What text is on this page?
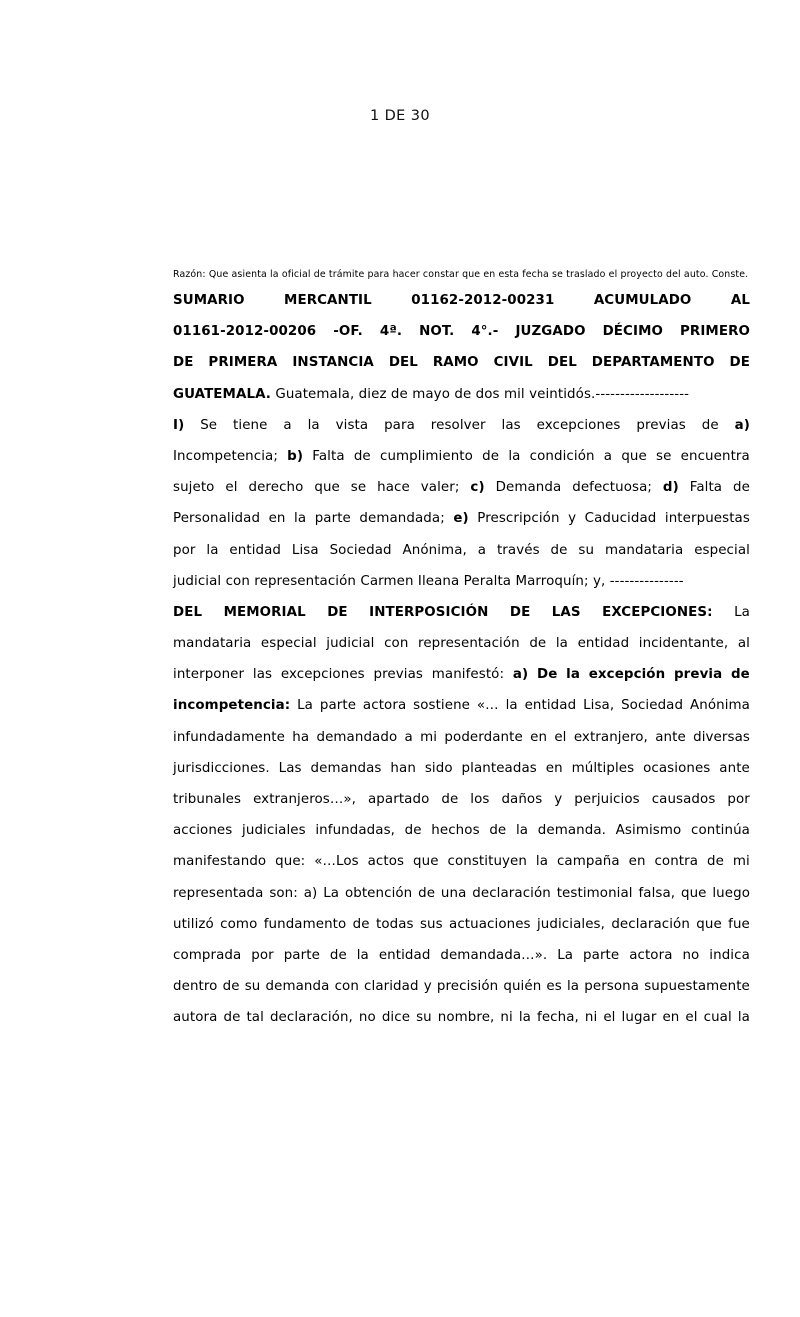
1 DE 30
Razón: Que asienta la oficial de trámite para hacer constar que en esta fecha se traslado el proyecto del auto. Conste.
SUMARIO	MERCANTIL	01162-2012-00231	ACUMULADO	AL
01161-2012-00206 -OF. 4ª. NOT. 4°.- JUZGADO DÉCIMO PRIMERO
DE PRIMERA INSTANCIA DEL RAMO CIVIL DEL DEPARTAMENTO DE
GUATEMALA. Guatemala, diez de mayo de dos mil veintidós.-------------------
I) Se tiene a la vista para resolver las excepciones previas de a)
Incompetencia; b) Falta de cumplimiento de la condición a que se encuentra
sujeto el derecho que se hace valer; c) Demanda defectuosa; d) Falta de
Personalidad en la parte demandada; e) Prescripción y Caducidad interpuestas
por la entidad Lisa Sociedad Anónima, a través de su mandataria especial
judicial con representación Carmen Ileana Peralta Marroquín; y, ---------------
DEL MEMORIAL DE INTERPOSICIÓN DE LAS EXCEPCIONES: La
mandataria especial judicial con representación de la entidad incidentante, al
interponer las excepciones previas manifestó: a) De la excepción previa de
incompetencia: La parte actora sostiene «… la entidad Lisa, Sociedad Anónima
infundadamente ha demandado a mi poderdante en el extranjero, ante diversas
jurisdicciones. Las demandas han sido planteadas en múltiples ocasiones ante
tribunales extranjeros…», apartado de los daños y perjuicios causados por
acciones judiciales infundadas, de hechos de la demanda. Asimismo continúa
manifestando que: «…Los actos que constituyen la campaña en contra de mi
representada son: a) La obtención de una declaración testimonial falsa, que luego
utilizó como fundamento de todas sus actuaciones judiciales, declaración que fue
comprada por parte de la entidad demandada…». La parte actora no indica
dentro de su demanda con claridad y precisión quién es la persona supuestamente
autora de tal declaración, no dice su nombre, ni la fecha, ni el lugar en el cual la
